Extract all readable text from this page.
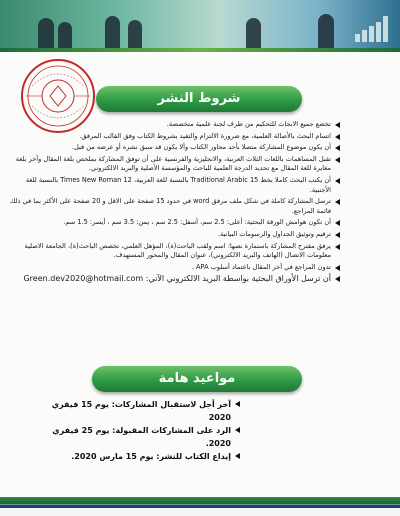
شروط النشر
تخضع جميع الابحاث للتحكيم من طرف لجنة علمية متخصصة.
اتسام البحث بالأصالة العلمية، مع ضرورة الالتزام والتقيد بشروط الكتاب وفق القالب المرفق.
أن يكون موضوع المشاركة متصلا بأحد محاور الكتاب وألا يكون قد سبق نشره أو عرضه من قبل.
تقبل المساهمات باللغات الثلاث العربية، والانجليزية والفرنسية على أن توفق المشاركة بملخص بلغة المقال وآخر بلغة مغايرة للغة المقال مع تحديد الدرجة العلمية للباحث والمؤسسة الأصلية والبريد الالكتروني.
أن يكتب البحث كاملا بخط Traditional Arabic 15 بالنسبة للغة العربية، 12 Times New Roman بالنسبة للغة الأجنبية.
ترسل المشاركة كاملة في شكل ملف مرفق word في حدود 15 صفحة على الاقل و 20 صفحة على الأكثر بما في ذلك قائمة المراجع.
أن تكون هوامش الورقة البحثية: أعلى: 2.5 سم، أسفل: 2.5 سم ، يمن: 3.5 سم ، أيسر: 1.5 سم.
ترقيم وتوثيق الجداول والرسومات البيانية.
يرفق مقترح المشاركة باستمارة نصها: اسم ولقب الباحث(ة)، المؤهل العلمي، تخصص الباحث(ة)، الجامعة الاصلية معلومات الاتصال (الهاتف والبريد الالكتروني)، عنوان المقال والمحور المستهدف.
تدون المراجع في آخر المقال باعتماد أسلوب APA .
أن ترسل الأوراق البحثية بواسطة البريد الالكتروني الآتي: Green.dev2020@hotmail.com
مواعيد هامة
آخر أجل لاستقبال المشاركات: يوم 15 فيفري 2020
الرد على المشاركات المقبولة: يوم 25 فيفري 2020.
إيداع الكتاب للنشر: يوم 15 مارس 2020.
